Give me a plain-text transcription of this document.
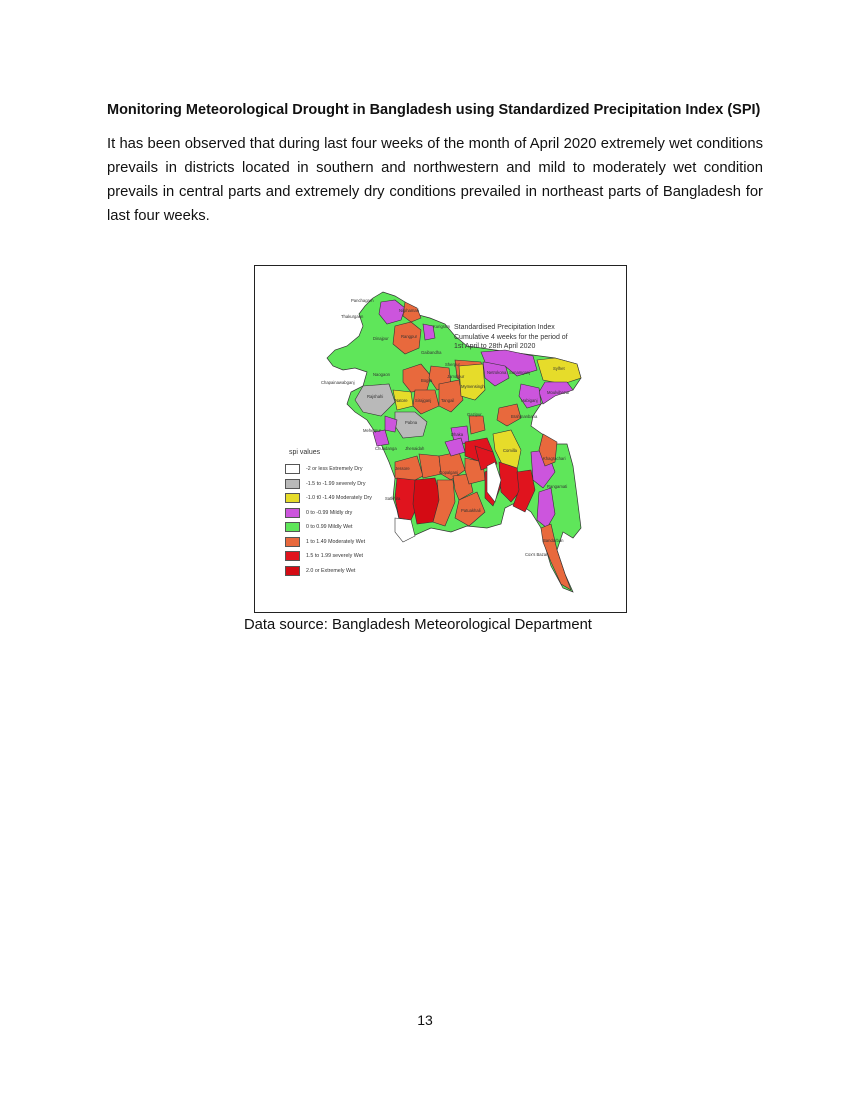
Monitoring Meteorological Drought in Bangladesh using Standardized Precipitation Index (SPI)
It has been observed that during last four weeks of the month of April 2020 extremely wet conditions prevails in districts located in southern and northwestern and mild to moderately wet condition prevails in central parts and extremely dry conditions prevailed in northeast parts of Bangladesh for last four weeks.
Panchagarh
Thakurgaon
Nilphamari
Kurigram
Dinajpur	Rangpur
Gaibandha
Naogaon
Sherpur
Jamalpur
Netrokona Sunamganj
Sylhet
Moulvibazar
Habiganj
Mymensingh
Bogra
Chapainawabganj
Rajshahi
Natore Sirajganj Tangail
Gazipur	Brahmanbaria
Pabna
Meherpur
Chuadanga Jhenaidah
Dhaka
Comilla
Jessore
Gopalganj
Satkhira
Patuakhali
Khagrachari
Rangamati
Bandarban
Cox's Bazar
Standardised Precipitation Index
Cumulative 4 weeks for the period of
1st April to 28th April 2020
spi values
-2 or less Extremely Dry
-1.5 to -1.99 severely Dry
-1.0 t0 -1.49 Moderately Dry
0 to -0.99 Mildly dry
0 to 0.99 Mildly Wet
1 to 1.49 Moderately Wet
1.5 to 1.99 severely Wet
2.0 or Extremely Wet
Data source: Bangladesh Meteorological Department
13
